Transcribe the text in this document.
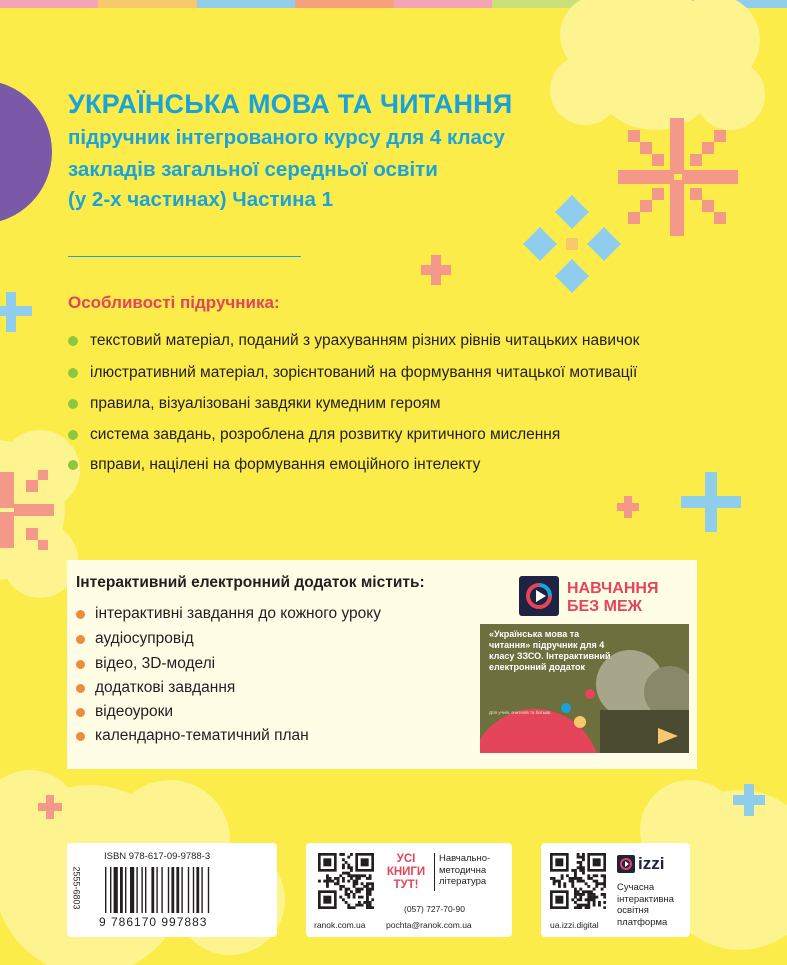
УКРАЇНСЬКА МОВА ТА ЧИТАННЯ
підручник інтегрованого курсу для 4 класу
закладів загальної середньої освіти
(у 2-х частинах) Частина 1
Особливості підручника:
текстовий матеріал, поданий з урахуванням різних рівнів читацьких навичок
ілюстративний матеріал, зорієнтований на формування читацької мотивації
правила, візуалізовані завдяки кумедним героям
система завдань, розроблена для розвитку критичного мислення
вправи, націлені на формування емоційного інтелекту
Інтерактивний електронний додаток містить:
інтерактивні завдання до кожного уроку
аудіосупровід
відео, 3D-моделі
додаткові завдання
відеоуроки
календарно-тематичний план
НАВЧАННЯ
БЕЗ МЕЖ
«Українська мова та читання» підручник для 4 класу ЗЗСО. Інтерактивний електронний додаток
Для учнів, вчителів та батьків
ISBN 978-617-09-9788-3
9 786170 997883
2555-6803
УСІ КНИГИ ТУТ!
Навчально-методична література
(057) 727-70-90
ranok.com.ua pochta@ranok.com.ua
izzi
Сучасна інтерактивна освітня платформа
ua.izzi.digital
